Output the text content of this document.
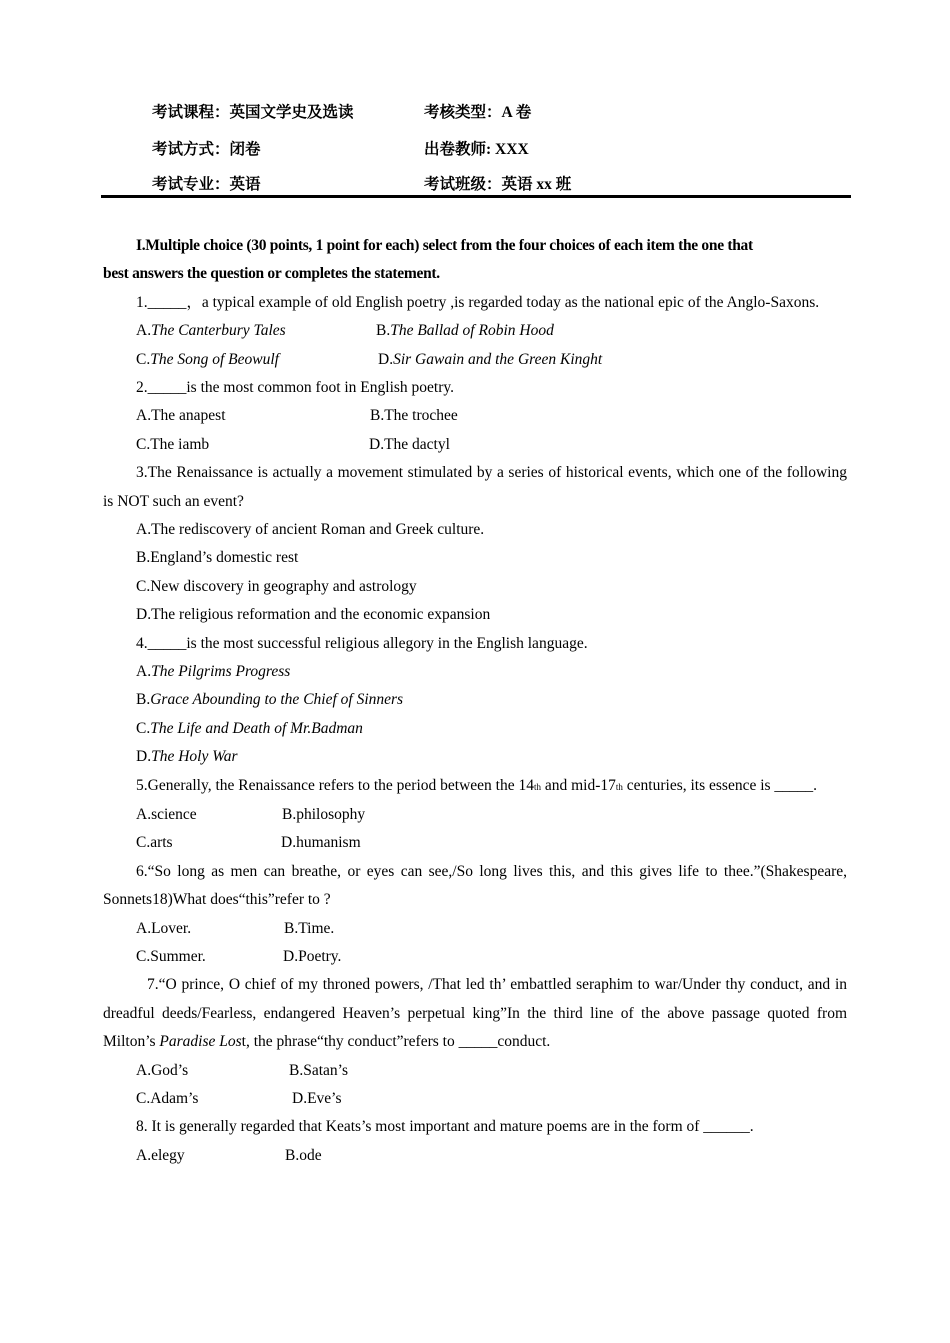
考试课程：英国文学史及选读	考核类型：A 卷
考试方式：闭卷	出卷教师: XXX
考试专业：英语	考试班级：英语 xx 班
I.Multiple choice (30 points, 1 point for each) select from the four choices of each item the one that
best answers the question or completes the statement.
1._____，a typical example of old English poetry ,is regarded today as the national epic of the Anglo-Saxons.
A.The Canterbury Tales	B.The Ballad of Robin Hood
C.The Song of Beowulf	D.Sir Gawain and the Green Kinght
2._____is the most common foot in English poetry.
A.The anapest	B.The trochee
C.The iamb	D.The dactyl
3.The Renaissance is actually a movement stimulated by a series of historical events, which one of the following is NOT such an event?
A.The rediscovery of ancient Roman and Greek culture.
B.England’s domestic rest
C.New discovery in geography and astrology
D.The religious reformation and the economic expansion
4._____is the most successful religious allegory in the English language.
A.The Pilgrims Progress
B.Grace Abounding to the Chief of Sinners
C.The Life and Death of Mr.Badman
D.The Holy War
5.Generally, the Renaissance refers to the period between the 14th and mid-17th centuries, its essence is _____.
A.science	B.philosophy
C.arts	D.humanism
6.“So long as men can breathe, or eyes can see,/So long lives this, and this gives life to thee.”(Shakespeare, Sonnets18)What does“this”refer to ?
A.Lover.	B.Time.
C.Summer.	D.Poetry.
7.“O prince, O chief of my throned powers, /That led th’ embattled seraphim to war/Under thy conduct, and in dreadful deeds/Fearless, endangered Heaven’s perpetual king”In the third line of the above passage quoted from Milton’s Paradise Lost, the phrase“thy conduct”refers to _____conduct.
A.God’s	B.Satan’s
C.Adam’s	D.Eve’s
8. It is generally regarded that Keats’s most important and mature poems are in the form of ______.
A.elegy	B.ode
